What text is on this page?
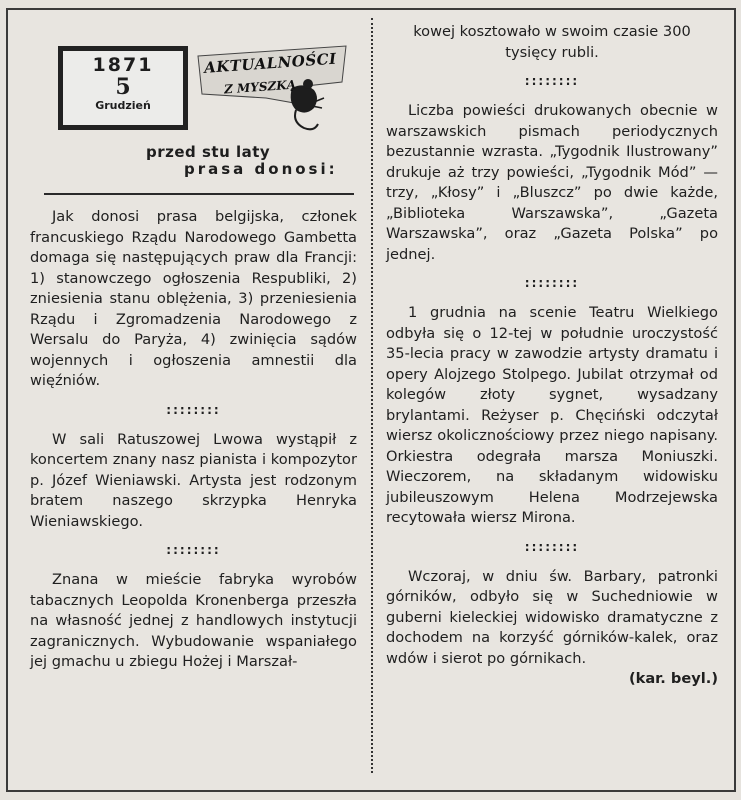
1871
5
Grudzień
AKTUALNOŚCI
Z MYSZKĄ
przed stu laty
prasa donosi:

Jak donosi prasa belgijska, członek francuskiego Rządu Narodowego Gambetta domaga się następujących praw dla Francji: 1) stanowczego ogłoszenia Respubliki, 2) zniesienia stanu oblężenia, 3) przeniesienia Rządu i Zgromadzenia Narodowego z Wersalu do Paryża, 4) zwinięcia sądów wojennych i ogłoszenia amnestii dla więźniów.

::::::::

W sali Ratuszowej Lwowa wystąpił z koncertem znany nasz pianista i kompozytor p. Józef Wieniawski. Artysta jest rodzonym bratem naszego skrzypka Henryka Wieniawskiego.

::::::::

Znana w mieście fabryka wyrobów tabacznych Leopolda Kronenberga przeszła na własność jednej z handlowych instytucji zagranicznych. Wybudowanie wspaniałego jej gmachu u zbiegu Hożej i Marszał-

kowej kosztowało w swoim czasie 300 tysięcy rubli.

::::::::

Liczba powieści drukowanych obecnie w warszawskich pismach periodycznych bezustannie wzrasta. „Tygodnik Ilustrowany” drukuje aż trzy powieści, „Tygodnik Mód” — trzy, „Kłosy” i „Bluszcz” po dwie każde, „Biblioteka Warszawska”, „Gazeta Warszawska”, oraz „Gazeta Polska” po jednej.

::::::::

1 grudnia na scenie Teatru Wielkiego odbyła się o 12-tej w południe uroczystość 35-lecia pracy w zawodzie artysty dramatu i opery Alojzego Stolpego. Jubilat otrzymał od kolegów złoty sygnet, wysadzany brylantami. Reżyser p. Chęciński odczytał wiersz okolicznościowy przez niego napisany. Orkiestra odegrała marsza Moniuszki. Wieczorem, na składanym widowisku jubileuszowym Helena Modrzejewska recytowała wiersz Mirona.

::::::::

Wczoraj, w dniu św. Barbary, patronki górników, odbyło się w Suchedniowie w guberni kieleckiej widowisko dramatyczne z dochodem na korzyść górników-kalek, oraz wdów i sierot po górnikach.

(kar. beyl.)
